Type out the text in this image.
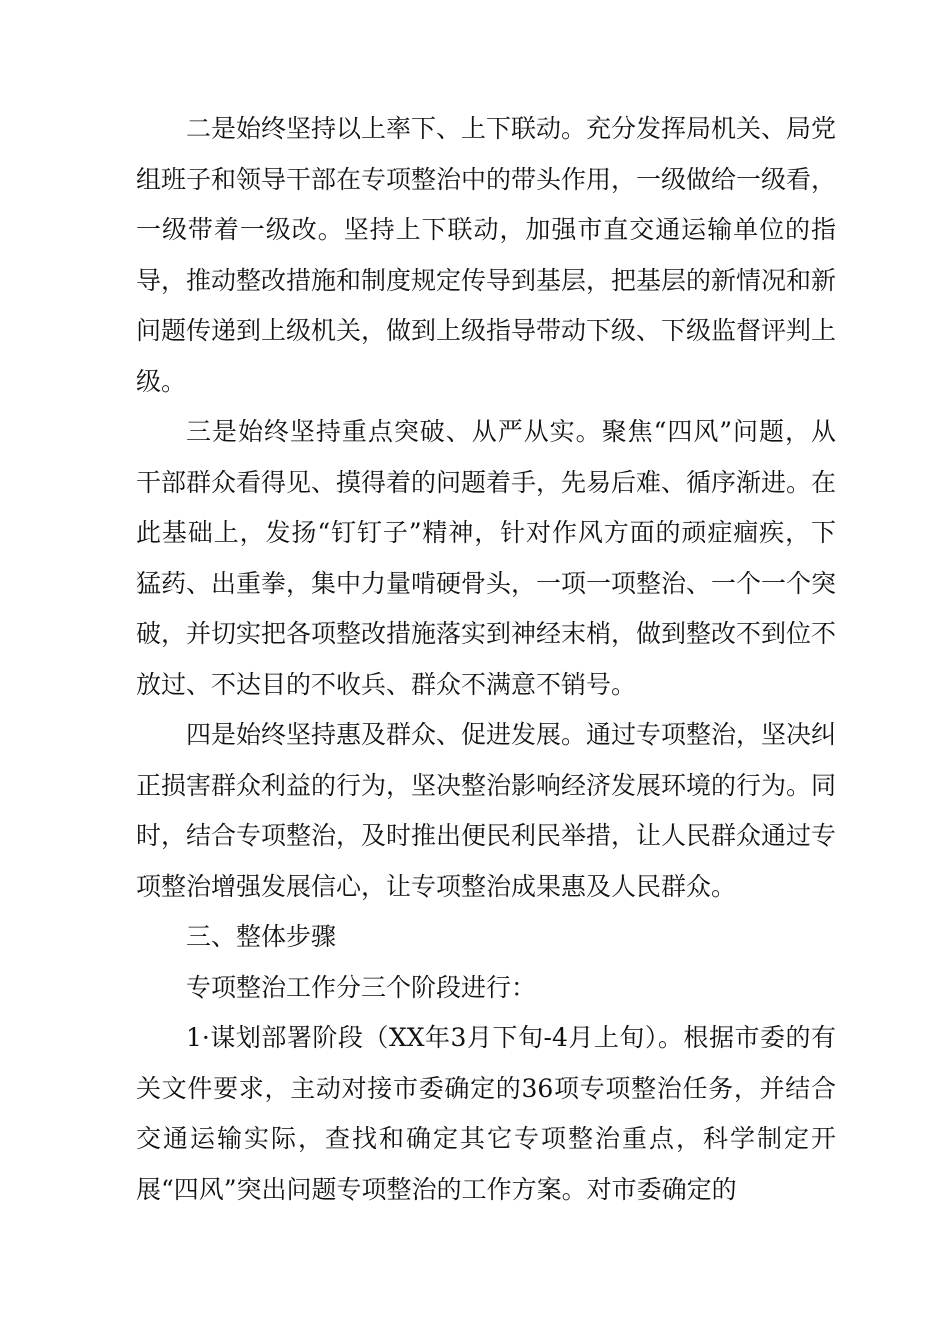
二是始终坚持以上率下、上下联动。充分发挥局机关、局党组班子和领导干部在专项整治中的带头作用，一级做给一级看，一级带着一级改。坚持上下联动，加强市直交通运输单位的指导，推动整改措施和制度规定传导到基层，把基层的新情况和新问题传递到上级机关，做到上级指导带动下级、下级监督评判上级。

三是始终坚持重点突破、从严从实。聚焦“四风”问题，从干部群众看得见、摸得着的问题着手，先易后难、循序渐进。在此基础上，发扬“钉钉子”精神，针对作风方面的顽症痼疾，下猛药、出重拳，集中力量啃硬骨头，一项一项整治、一个一个突破，并切实把各项整改措施落实到神经末梢，做到整改不到位不放过、不达目的不收兵、群众不满意不销号。

四是始终坚持惠及群众、促进发展。通过专项整治，坚决纠正损害群众利益的行为，坚决整治影响经济发展环境的行为。同时，结合专项整治，及时推出便民利民举措，让人民群众通过专项整治增强发展信心，让专项整治成果惠及人民群众。

三、整体步骤

专项整治工作分三个阶段进行：

1·谋划部署阶段（XX年3月下旬-4月上旬）。根据市委的有关文件要求，主动对接市委确定的36项专项整治任务，并结合交通运输实际，查找和确定其它专项整治重点，科学制定开展“四风”突出问题专项整治的工作方案。对市委确定的
